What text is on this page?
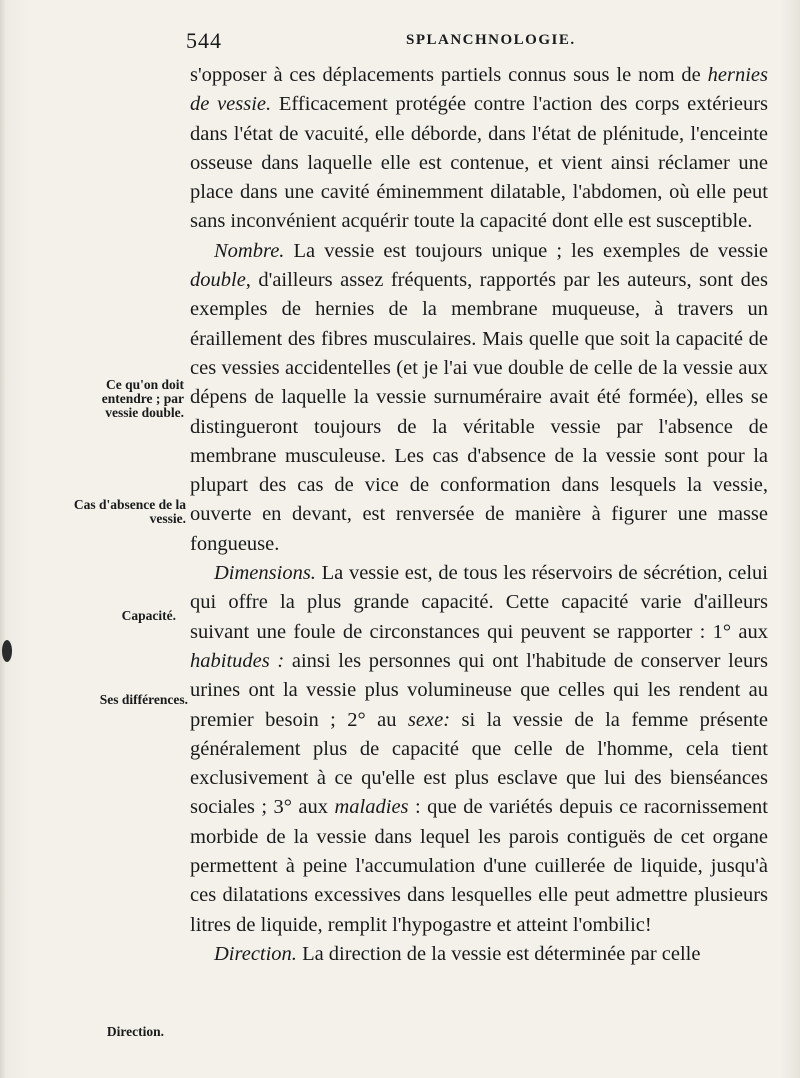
544	SPLANCHNOLOGIE.
Ce qu'on doit entendre ; par vessie double.
Cas d'absence de la vessie.
Capacité.
Ses différences.
Direction.

s'opposer à ces déplacements partiels connus sous le nom de hernies de vessie. Efficacement protégée contre l'action des corps extérieurs dans l'état de vacuité, elle déborde, dans l'état de plénitude, l'enceinte osseuse dans laquelle elle est contenue, et vient ainsi réclamer une place dans une cavité éminemment dilatable, l'abdomen, où elle peut sans inconvénient acquérir toute la capacité dont elle est susceptible.

Nombre. La vessie est toujours unique ; les exemples de vessie double, d'ailleurs assez fréquents, rapportés par les auteurs, sont des exemples de hernies de la membrane muqueuse, à travers un éraillement des fibres musculaires. Mais quelle que soit la capacité de ces vessies accidentelles (et je l'ai vue double de celle de la vessie aux dépens de laquelle la vessie surnuméraire avait été formée), elles se distingueront toujours de la véritable vessie par l'absence de membrane musculeuse. Les cas d'absence de la vessie sont pour la plupart des cas de vice de conformation dans lesquels la vessie, ouverte en devant, est renversée de manière à figurer une masse fongueuse.

Dimensions. La vessie est, de tous les réservoirs de sécrétion, celui qui offre la plus grande capacité. Cette capacité varie d'ailleurs suivant une foule de circonstances qui peuvent se rapporter : 1° aux habitudes : ainsi les personnes qui ont l'habitude de conserver leurs urines ont la vessie plus volumineuse que celles qui les rendent au premier besoin ; 2° au sexe: si la vessie de la femme présente généralement plus de capacité que celle de l'homme, cela tient exclusivement à ce qu'elle est plus esclave que lui des bienséances sociales ; 3° aux maladies : que de variétés depuis ce racornissement morbide de la vessie dans lequel les parois contiguës de cet organe permettent à peine l'accumulation d'une cuillerée de liquide, jusqu'à ces dilatations excessives dans lesquelles elle peut admettre plusieurs litres de liquide, remplit l'hypogastre et atteint l'ombilic!

Direction. La direction de la vessie est déterminée par celle
